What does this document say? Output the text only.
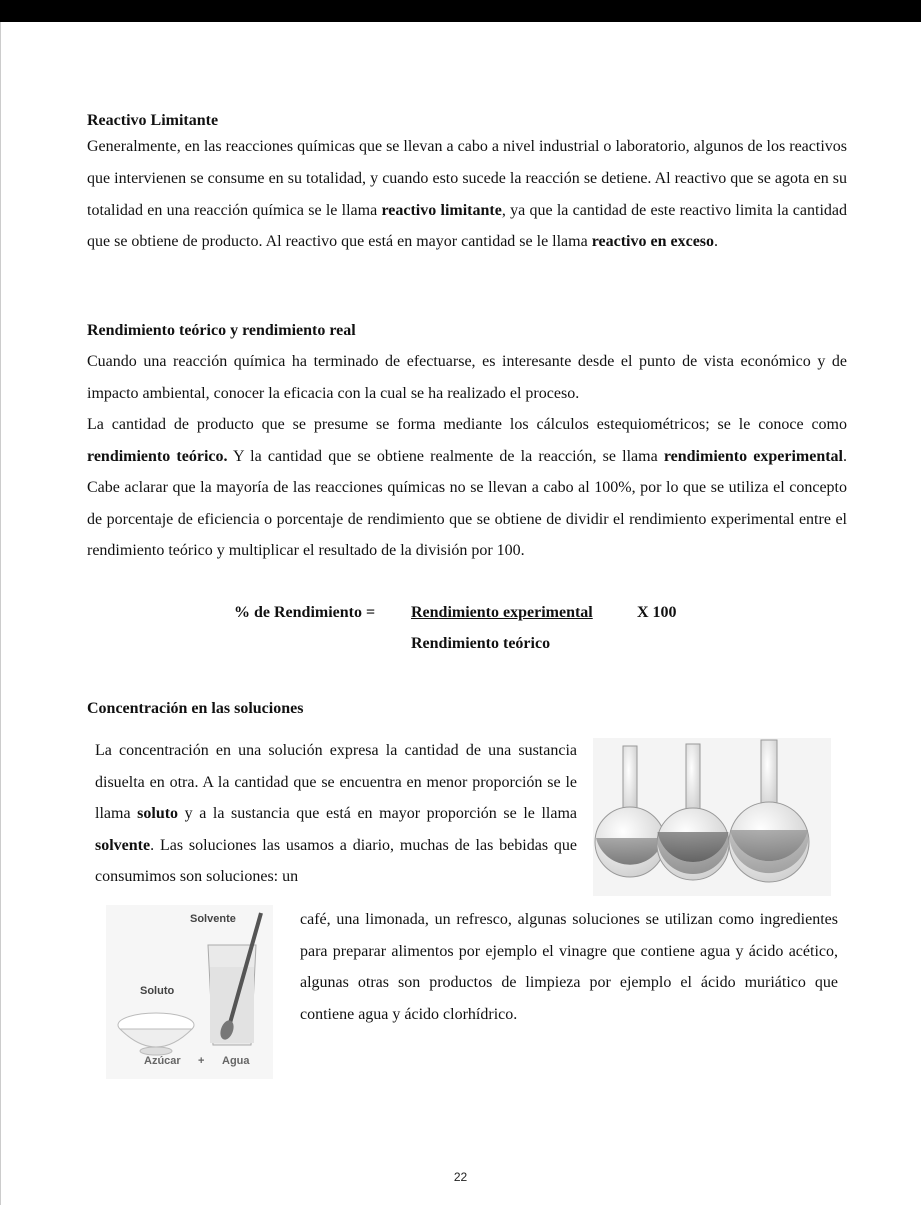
Reactivo Limitante

Generalmente, en las reacciones químicas que se llevan a cabo a nivel industrial o laboratorio, algunos de los reactivos que intervienen se consume en su totalidad, y cuando esto sucede la reacción se detiene. Al reactivo que se agota en su totalidad en una reacción química se le llama reactivo limitante, ya que la cantidad de este reactivo limita la cantidad que se obtiene de producto. Al reactivo que está en mayor cantidad se le llama reactivo en exceso.

Rendimiento teórico y rendimiento real

Cuando una reacción química ha terminado de efectuarse, es interesante desde el punto de vista económico y de impacto ambiental, conocer la eficacia con la cual se ha realizado el proceso.

La cantidad de producto que se presume se forma mediante los cálculos estequiométricos; se le conoce como rendimiento teórico. Y la cantidad que se obtiene realmente de la reacción, se llama rendimiento experimental. Cabe aclarar que la mayoría de las reacciones químicas no se llevan a cabo al 100%, por lo que se utiliza el concepto de porcentaje de eficiencia o porcentaje de rendimiento que se obtiene de dividir el rendimiento experimental entre el rendimiento teórico y multiplicar el resultado de la división por 100.

% de Rendimiento = Rendimiento experimental	X 100
Rendimiento teórico
Concentración en las soluciones

La concentración en una solución expresa la cantidad de una sustancia disuelta en otra. A la cantidad que se encuentra en menor proporción se le llama soluto y a la sustancia que está en mayor proporción se le llama solvente. Las soluciones las usamos a diario, muchas de las bebidas que consumimos son soluciones: un

Solvente
Soluto
Azúcar + Agua

café, una limonada, un refresco, algunas soluciones se utilizan como ingredientes para preparar alimentos por ejemplo el vinagre que contiene agua y ácido acético, algunas otras son productos de limpieza por ejemplo el ácido muriático que contiene agua y ácido clorhídrico.

22
